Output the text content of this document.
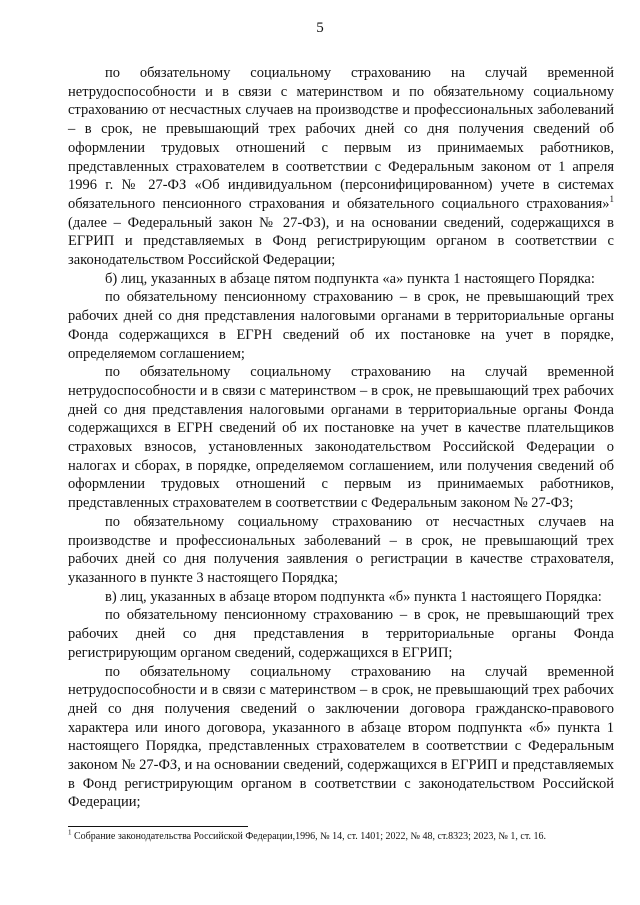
5

по обязательному социальному страхованию на случай временной нетрудоспособности и в связи с материнством и по обязательному социальному страхованию от несчастных случаев на производстве и профессиональных заболеваний – в срок, не превышающий трех рабочих дней со дня получения сведений об оформлении трудовых отношений с первым из принимаемых работников, представленных страхователем в соответствии с Федеральным законом от 1 апреля 1996 г. № 27-ФЗ «Об индивидуальном (персонифицированном) учете в системах обязательного пенсионного страхования и обязательного социального страхования»$^1$ (далее – Федеральный закон № 27-ФЗ), и на основании сведений, содержащихся в ЕГРИП и представляемых в Фонд регистрирующим органом в соответствии с законодательством Российской Федерации;

б) лиц, указанных в абзаце пятом подпункта «а» пункта 1 настоящего Порядка:

по обязательному пенсионному страхованию – в срок, не превышающий трех рабочих дней со дня представления налоговыми органами в территориальные органы Фонда содержащихся в ЕГРН сведений об их постановке на учет в порядке, определяемом соглашением;

по обязательному социальному страхованию на случай временной нетрудоспособности и в связи с материнством – в срок, не превышающий трех рабочих дней со дня представления налоговыми органами в территориальные органы Фонда содержащихся в ЕГРН сведений об их постановке на учет в качестве плательщиков страховых взносов, установленных законодательством Российской Федерации о налогах и сборах, в порядке, определяемом соглашением, или получения сведений об оформлении трудовых отношений с первым из принимаемых работников, представленных страхователем в соответствии с Федеральным законом № 27-ФЗ;

по обязательному социальному страхованию от несчастных случаев на производстве и профессиональных заболеваний – в срок, не превышающий трех рабочих дней со дня получения заявления о регистрации в качестве страхователя, указанного в пункте 3 настоящего Порядка;

в) лиц, указанных в абзаце втором подпункта «б» пункта 1 настоящего Порядка:

по обязательному пенсионному страхованию – в срок, не превышающий трех рабочих дней со дня представления в территориальные органы Фонда регистрирующим органом сведений, содержащихся в ЕГРИП;

по обязательному социальному страхованию на случай временной нетрудоспособности и в связи с материнством – в срок, не превышающий трех рабочих дней со дня получения сведений о заключении договора гражданско-правового характера или иного договора, указанного в абзаце втором подпункта «б» пункта 1 настоящего Порядка, представленных страхователем в соответствии с Федеральным законом № 27-ФЗ, и на основании сведений, содержащихся в ЕГРИП и представляемых в Фонд регистрирующим органом в соответствии с законодательством Российской Федерации;

$^1$ Собрание законодательства Российской Федерации,1996, № 14, ст. 1401; 2022, № 48, ст.8323; 2023, № 1, ст. 16.
